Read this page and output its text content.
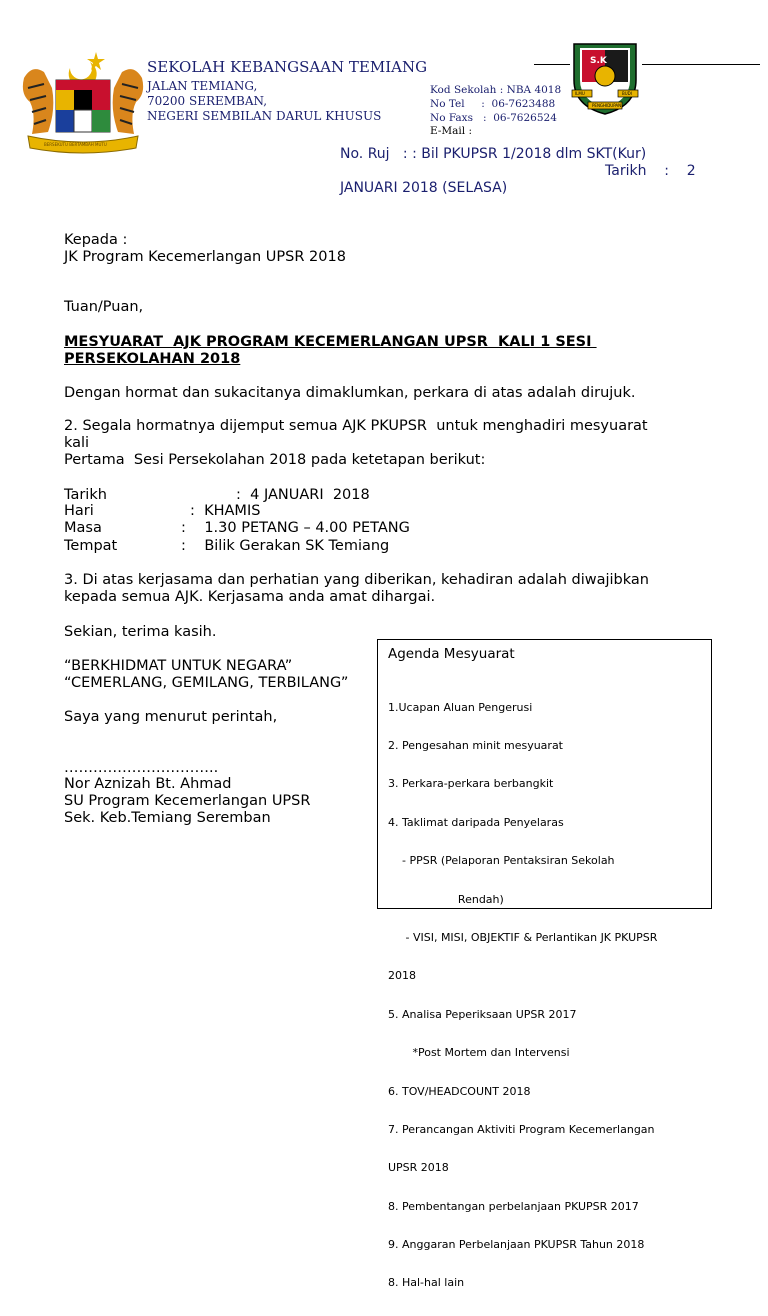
BERSEKUTU BERTAMBAH MUTU
SEKOLAH KEBANGSAAN TEMIANG
JALAN TEMIANG,
70200 SEREMBAN,
NEGERI SEMBILAN DARUL KHUSUS
Kod Sekolah : NBA 4018
No Tel     :  06-7623488
No Faxs   :  06-7626524
E-Mail :
S.K
ILMU	BUDI
PENGHIDUPAN
No. Ruj   : : Bil PKUPSR 1/2018 dlm SKT(Kur)
Tarikh    :    2
JANUARI 2018 (SELASA)
Kepada :
JK Program Kecemerlangan UPSR 2018
Tuan/Puan,
MESYUARAT  AJK PROGRAM KECEMERLANGAN UPSR  KALI 1 SESI
PERSEKOLAHAN 2018
Dengan hormat dan sukacitanya dimaklumkan, perkara di atas adalah dirujuk.
2. Segala hormatnya dijemput semua AJK PKUPSR  untuk menghadiri mesyuarat
kali
Pertama  Sesi Persekolahan 2018 pada ketetapan berikut:
Tarikh	:  4 JANUARI  2018
Hari	:  KHAMIS
Masa	:    1.30 PETANG – 4.00 PETANG
Tempat	:    Bilik Gerakan SK Temiang
3. Di atas kerjasama dan perhatian yang diberikan, kehadiran adalah diwajibkan
kepada semua AJK. Kerjasama anda amat dihargai.
Sekian, terima kasih.
“BERKHIDMAT UNTUK NEGARA”
“CEMERLANG, GEMILANG, TERBILANG”
Saya yang menurut perintah,
…………………………..
Nor Aznizah Bt. Ahmad
SU Program Kecemerlangan UPSR
Sek. Keb.Temiang Seremban
Agenda Mesyuarat

1.Ucapan Aluan Pengerusi

2. Pengesahan minit mesyuarat

3. Perkara-perkara berbangkit

4. Taklimat daripada Penyelaras

- PPSR (Pelaporan Pentaksiran Sekolah

Rendah)

- VISI, MISI, OBJEKTIF & Perlantikan JK PKUPSR

2018

5. Analisa Peperiksaan UPSR 2017

*Post Mortem dan Intervensi

6. TOV/HEADCOUNT 2018

7. Perancangan Aktiviti Program Kecemerlangan

UPSR 2018

8. Pembentangan perbelanjaan PKUPSR 2017

9. Anggaran Perbelanjaan PKUPSR Tahun 2018

8. Hal-hal lain
